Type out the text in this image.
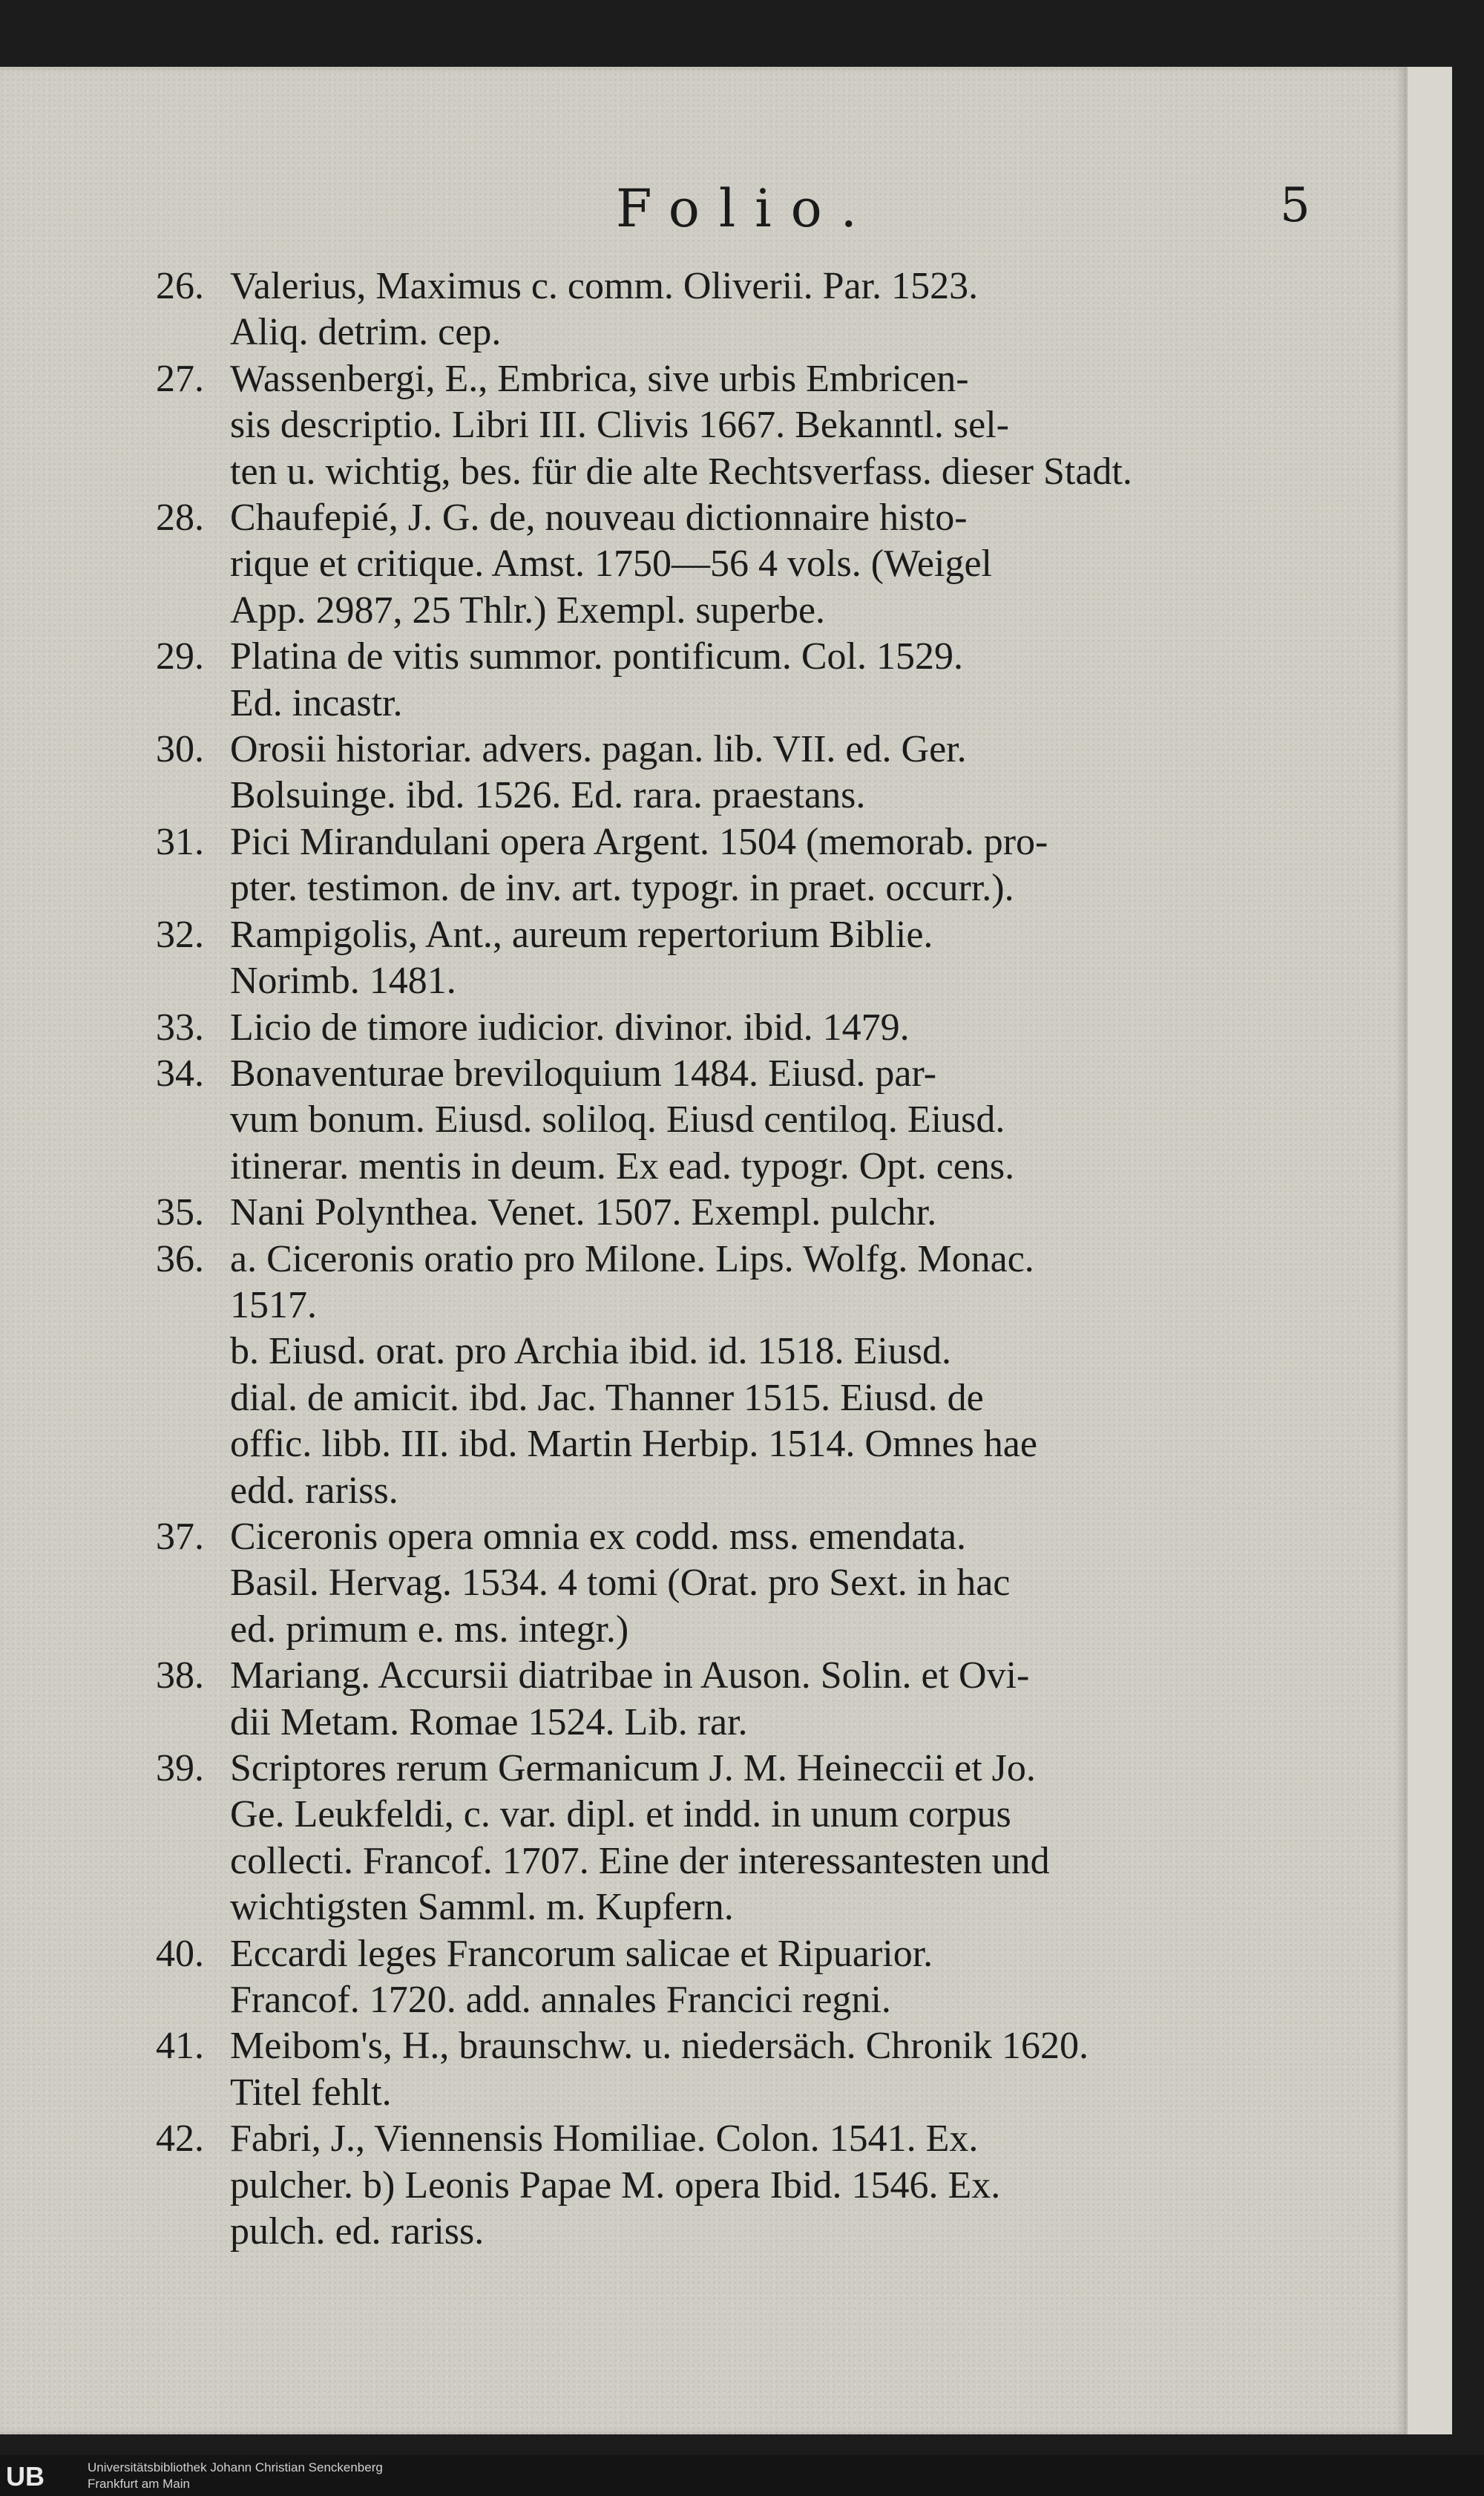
Folio.	5
26. Valerius, Maximus c. comm. Oliverii. Par. 1523.
Aliq. detrim. cep.
27. Wassenbergi, E., Embrica, sive urbis Embricen-
sis descriptio. Libri III. Clivis 1667. Bekanntl. sel-
ten u. wichtig, bes. für die alte Rechtsverfass. dieser Stadt.
28. Chaufepié, J. G. de, nouveau dictionnaire histo-
rique et critique. Amst. 1750—56 4 vols. (Weigel
App. 2987, 25 Thlr.) Exempl. superbe.
29. Platina de vitis summor. pontificum. Col. 1529.
Ed. incastr.
30. Orosii historiar. advers. pagan. lib. VII. ed. Ger.
Bolsuinge. ibd. 1526. Ed. rara. praestans.
31. Pici Mirandulani opera Argent. 1504 (memorab. pro-
pter. testimon. de inv. art. typogr. in praet. occurr.).
32. Rampigolis, Ant., aureum repertorium Biblie.
Norimb. 1481.
33. Licio de timore iudicior. divinor. ibid. 1479.
34. Bonaventurae breviloquium 1484. Eiusd. par-
vum bonum. Eiusd. soliloq. Eiusd centiloq. Eiusd.
itinerar. mentis in deum. Ex ead. typogr. Opt. cens.
35. Nani Polynthea. Venet. 1507. Exempl. pulchr.
36. a. Ciceronis oratio pro Milone. Lips. Wolfg. Monac.
1517.
b. Eiusd. orat. pro Archia ibid. id. 1518. Eiusd.
dial. de amicit. ibd. Jac. Thanner 1515. Eiusd. de
offic. libb. III. ibd. Martin Herbip. 1514. Omnes hae
edd. rariss.
37. Ciceronis opera omnia ex codd. mss. emendata.
Basil. Hervag. 1534. 4 tomi (Orat. pro Sext. in hac
ed. primum e. ms. integr.)
38. Mariang. Accursii diatribae in Auson. Solin. et Ovi-
dii Metam. Romae 1524. Lib. rar.
39. Scriptores rerum Germanicum J. M. Heineccii et Jo.
Ge. Leukfeldi, c. var. dipl. et indd. in unum corpus
collecti. Francof. 1707. Eine der interessantesten und
wichtigsten Samml. m. Kupfern.
40. Eccardi leges Francorum salicae et Ripuarior.
Francof. 1720. add. annales Francici regni.
41. Meibom's, H., braunschw. u. niedersäch. Chronik 1620.
Titel fehlt.
42. Fabri, J., Viennensis Homiliae. Colon. 1541. Ex.
pulcher. b) Leonis Papae M. opera Ibid. 1546. Ex.
pulch. ed. rariss.
UB	Universitätsbibliothek Johann Christian Senckenberg
Frankfurt am Main
